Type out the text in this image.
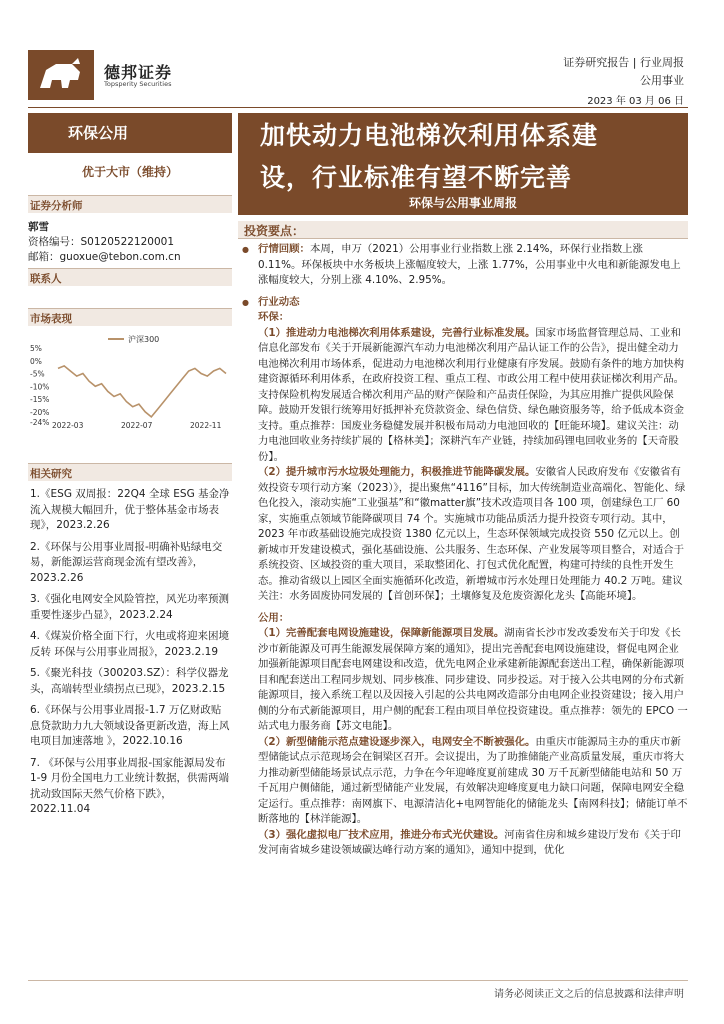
德邦证券
Topsperity Securities
证券研究报告 | 行业周报
公用事业
2023 年 03 月 06 日
环保公用	加快动力电池梯次利用体系建
设，行业标准有望不断完善
环保与公用事业周报
优于大市（维持）
证券分析师
郭雪
资格编号：S0120522120001
邮箱：guoxue@tebon.com.cn
联系人
市场表现
5%
0%
-5%
-10%
-15%
-20%
-24% 2022-03	2022-07	2022-11
沪深300
相关研究
1.《ESG 双周报：22Q4 全球 ESG 基金净流入规模大幅回升，优于整体基金市场表现》，2023.2.26
2.《环保与公用事业周报-明确补贴绿电交易，新能源运营商现金流有望改善》，2023.2.26
3.《强化电网安全风险管控，风光功率预测重要性逐步凸显》，2023.2.24
4.《煤炭价格全面下行，火电或将迎来困境反转 环保与公用事业周报》，2023.2.19
5.《聚光科技（300203.SZ）：科学仪器龙头，高端转型业绩拐点已现》，2023.2.15
6.《环保与公用事业周报-1.7 万亿财政贴息贷款助力九大领域设备更新改造，海上风电项目加速落地 》，2022.10.16
7. 《环保与公用事业周报-国家能源局发布 1-9 月份全国电力工业统计数据，供需两端扰动致国际天然气价格下跌》，2022.11.04
投资要点：
● 行情回顾：本周，申万（2021）公用事业行业指数上涨 2.14%，环保行业指数上涨 0.11%。环保板块中水务板块上涨幅度较大，上涨 1.77%，公用事业中火电和新能源发电上涨幅度较大，分别上涨 4.10%、2.95%。
● 行业动态
环保：
（1）推进动力电池梯次利用体系建设，完善行业标准发展。国家市场监督管理总局、工业和信息化部发布《关于开展新能源汽车动力电池梯次利用产品认证工作的公告》，提出健全动力电池梯次利用市场体系，促进动力电池梯次利用行业健康有序发展。鼓励有条件的地方加快构建资源循环利用体系，在政府投资工程、重点工程、市政公用工程中使用获证梯次利用产品。支持保险机构发展适合梯次利用产品的财产保险和产品责任保险，为其应用推广提供风险保障。鼓励开发银行统筹用好抵押补充贷款资金、绿色信贷、绿色融资服务等，给予低成本资金支持。重点推荐：国废业务稳健发展并积极布局动力电池回收的【旺能环境】。建议关注：动力电池回收业务持续扩展的【格林美】；深耕汽车产业链，持续加码锂电回收业务的【天奇股份】。
（2）提升城市污水垃圾处理能力，积极推进节能降碳发展。安徽省人民政府发布《安徽省有效投资专项行动方案（2023）》，提出聚焦“4116”目标，加大传统制造业高端化、智能化、绿色化投入，滚动实施“工业强基”和“徽matter旗”技术改造项目各 100 项，创建绿色工厂 60 家，实施重点领域节能降碳项目 74 个。实施城市功能品质活力提升投资专项行动。其中，2023 年市政基础设施完成投资 1380 亿元以上，生态环保领域完成投资 550 亿元以上。创新城市开发建设模式，强化基础设施、公共服务、生态环保、产业发展等项目整合，对适合于系统投资、区域投资的重大项目，采取整团化、打包式优化配置，构建可持续的良性开发生态。推动省级以上园区全面实施循环化改造，新增城市污水处理日处理能力 40.2 万吨。建议关注：水务固废协同发展的【首创环保】；土壤修复及危废资源化龙头【高能环境】。
公用：
（1）完善配套电网设施建设，保障新能源项目发展。湖南省长沙市发改委发布关于印发《长沙市新能源及可再生能源发展保障方案的通知》，提出完善配套电网设施建设，督促电网企业加强新能源项目配套电网建设和改造，优先电网企业承建新能源配套送出工程，确保新能源项目和配套送出工程同步规划、同步核准、同步建设、同步投运。对于接入公共电网的分布式新能源项目，接入系统工程以及因接入引起的公共电网改造部分由电网企业投资建设；接入用户侧的分布式新能源项目，用户侧的配套工程由项目单位投资建设。重点推荐：领先的 EPCO 一站式电力服务商【苏文电能】。
（2）新型储能示范点建设逐步深入，电网安全不断被强化。由重庆市能源局主办的重庆市新型储能试点示范现场会在铜梁区召开。会议提出，为了助推储能产业高质量发展，重庆市将大力推动新型储能场景试点示范，力争在今年迎峰度夏前建成 30 万千瓦新型储能电站和 50 万千瓦用户侧储能，通过新型储能产业发展，有效解决迎峰度夏电力缺口问题，保障电网安全稳定运行。重点推荐：南网旗下、电源清洁化+电网智能化的储能龙头【南网科技】；储能订单不断落地的【林洋能源】。
（3）强化虚拟电厂技术应用，推进分布式光伏建设。河南省住房和城乡建设厅发布《关于印发河南省城乡建设领域碳达峰行动方案的通知》，通知中提到，优化
请务必阅读正文之后的信息披露和法律声明
